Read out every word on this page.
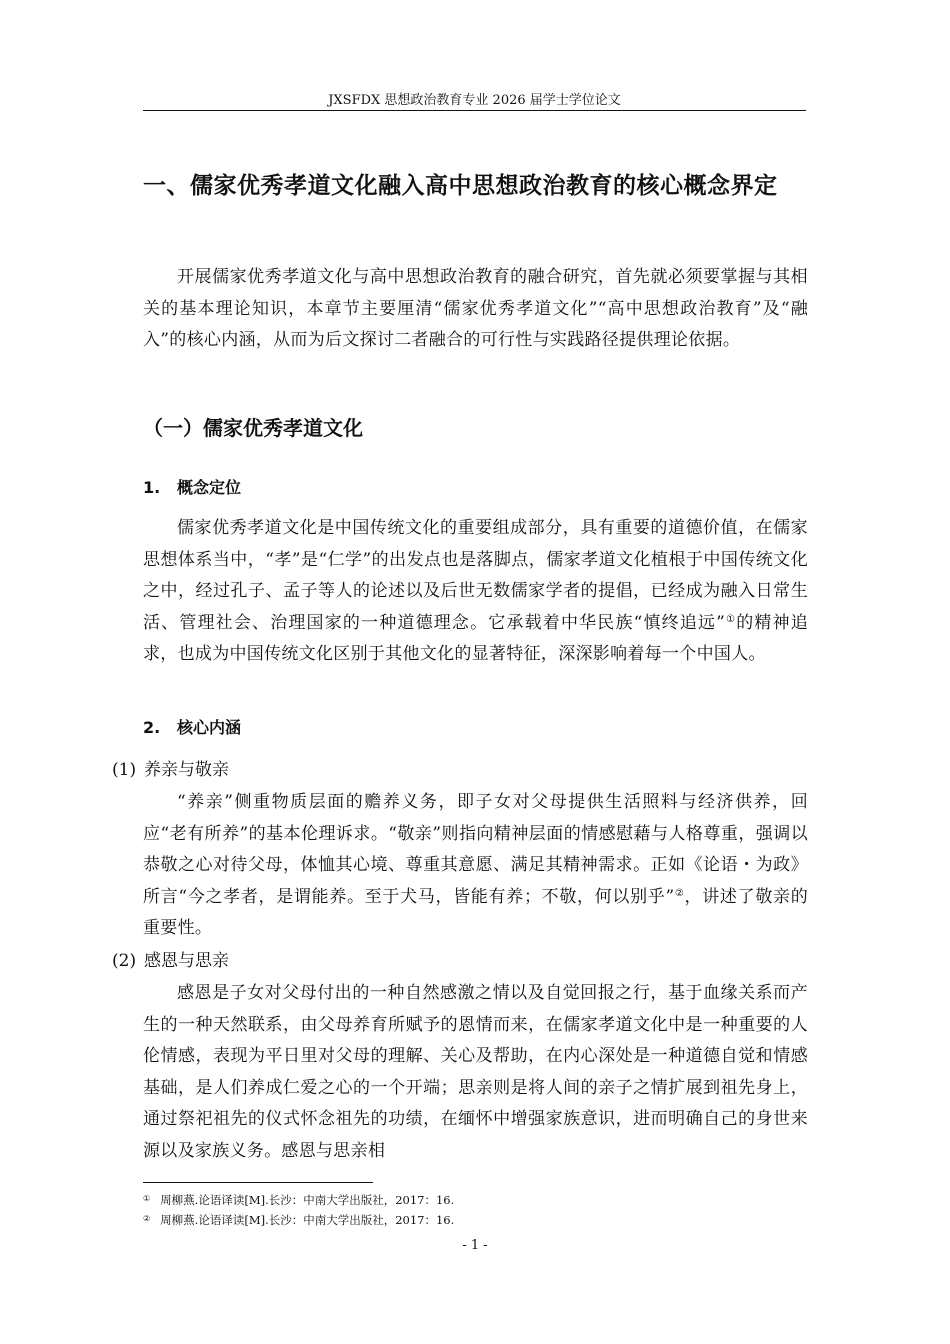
JXSFDX 思想政治教育专业 2026 届学士学位论文
一、儒家优秀孝道文化融入高中思想政治教育的核心概念界定
开展儒家优秀孝道文化与高中思想政治教育的融合研究，首先就必须要掌握与其相关的基本理论知识，本章节主要厘清“儒家优秀孝道文化”“高中思想政治教育”及“融入”的核心内涵，从而为后文探讨二者融合的可行性与实践路径提供理论依据。
（一）儒家优秀孝道文化
1. 概念定位
儒家优秀孝道文化是中国传统文化的重要组成部分，具有重要的道德价值，在儒家思想体系当中，“孝”是“仁学”的出发点也是落脚点，儒家孝道文化植根于中国传统文化之中，经过孔子、孟子等人的论述以及后世无数儒家学者的提倡，已经成为融入日常生活、管理社会、治理国家的一种道德理念。它承载着中华民族“慎终追远”①的精神追求，也成为中国传统文化区别于其他文化的显著特征，深深影响着每一个中国人。
2. 核心内涵
(1) 养亲与敬亲
“养亲”侧重物质层面的赡养义务，即子女对父母提供生活照料与经济供养，回应“老有所养”的基本伦理诉求。“敬亲”则指向精神层面的情感慰藉与人格尊重，强调以恭敬之心对待父母，体恤其心境、尊重其意愿、满足其精神需求。正如《论语・为政》所言“今之孝者，是谓能养。至于犬马，皆能有养；不敬，何以别乎”②，讲述了敬亲的重要性。
(2) 感恩与思亲
感恩是子女对父母付出的一种自然感激之情以及自觉回报之行，基于血缘关系而产生的一种天然联系，由父母养育所赋予的恩情而来，在儒家孝道文化中是一种重要的人伦情感，表现为平日里对父母的理解、关心及帮助，在内心深处是一种道德自觉和情感基础，是人们养成仁爱之心的一个开端；思亲则是将人间的亲子之情扩展到祖先身上，通过祭祀祖先的仪式怀念祖先的功绩，在缅怀中增强家族意识，进而明确自己的身世来源以及家族义务。感恩与思亲相
① 周柳燕.论语译读[M].长沙：中南大学出版社，2017：16.
② 周柳燕.论语译读[M].长沙：中南大学出版社，2017：16.
- 1 -
